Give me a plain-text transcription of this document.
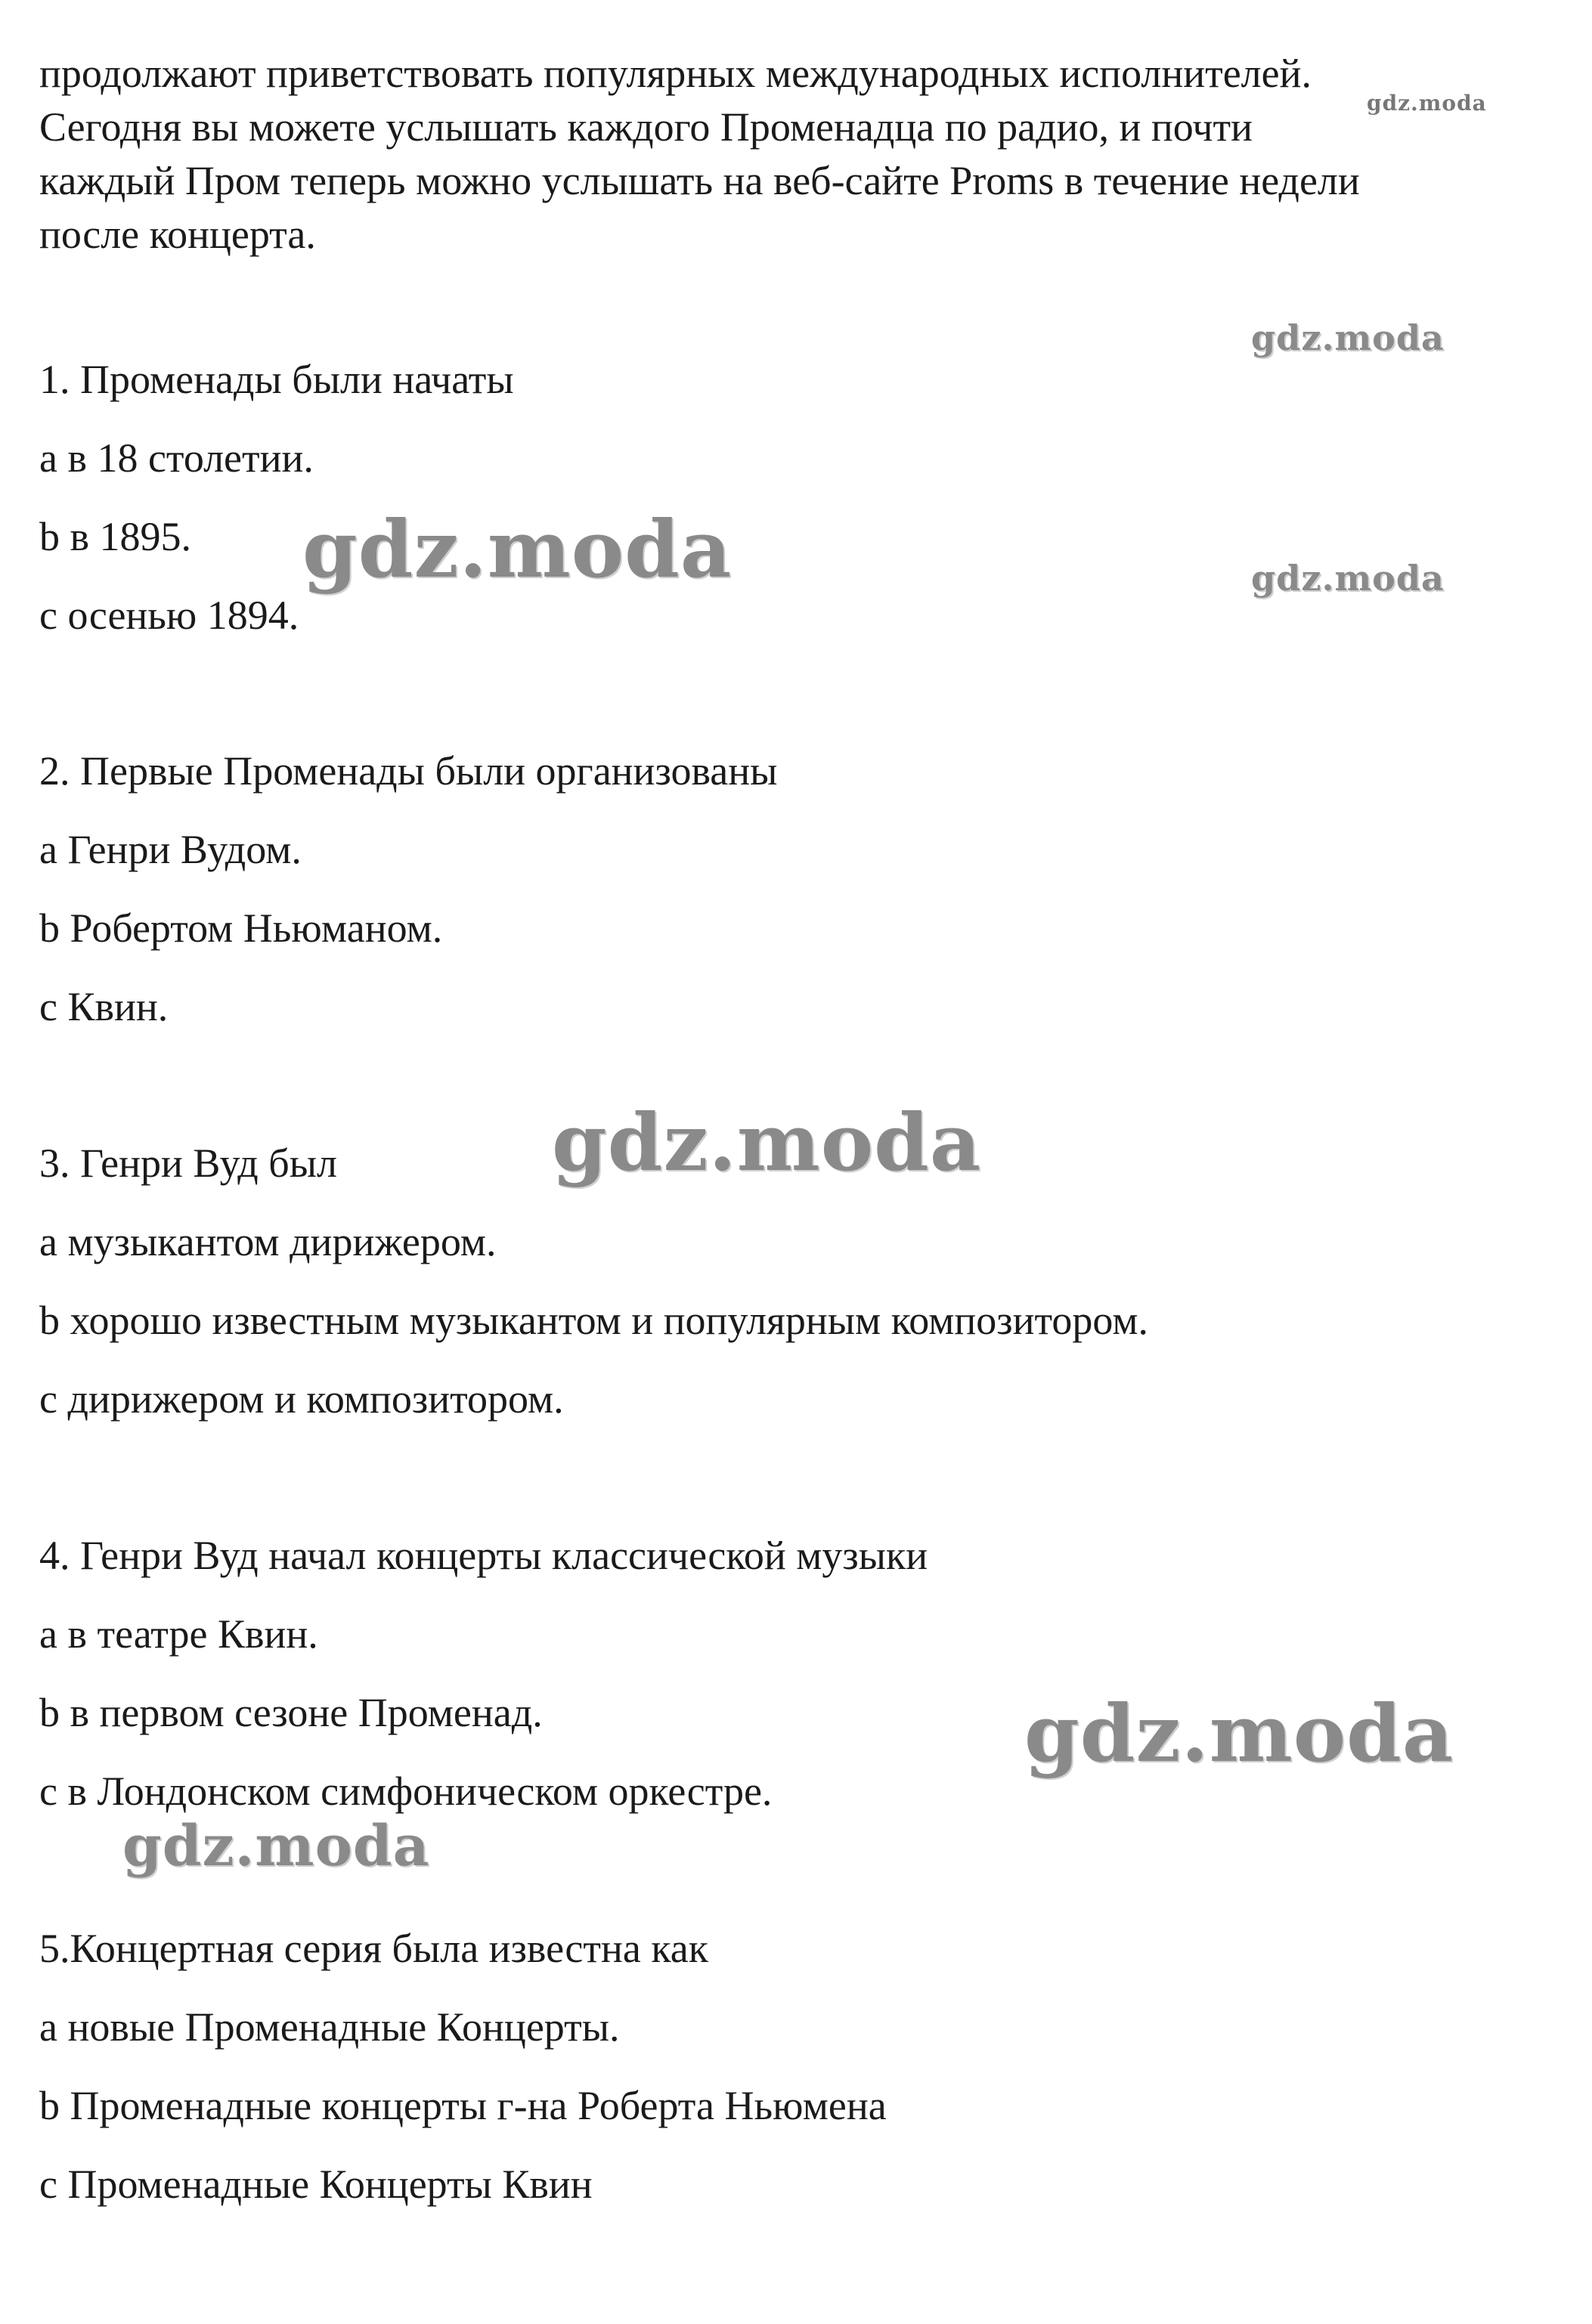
продолжают приветствовать популярных международных исполнителей.
Сегодня вы можете услышать каждого Променадца по радио, и почти
каждый Пром теперь можно услышать на веб-сайте Proms в течение недели
после концерта.

1. Променады были начаты
a в 18 столетии.
b в 1895.
c осенью 1894.
2. Первые Променады были организованы
a Генри Вудом.
b Робертом Ньюманом.
c Квин.
3. Генри Вуд был
a музыкантом дирижером.
b хорошо известным музыкантом и популярным композитором.
c дирижером и композитором.
4. Генри Вуд начал концерты классической музыки
a в театре Квин.
b в первом сезоне Променад.
c в Лондонском симфоническом оркестре.
5.Концертная серия была известна как
a новые Променадные Концерты.
b Променадные концерты г-на Роберта Ньюмена
c Променадные Концерты Квин
gdz.moda
gdz.moda
gdz.moda	gdz.moda
gdz.moda
gdz.moda
gdz.moda
